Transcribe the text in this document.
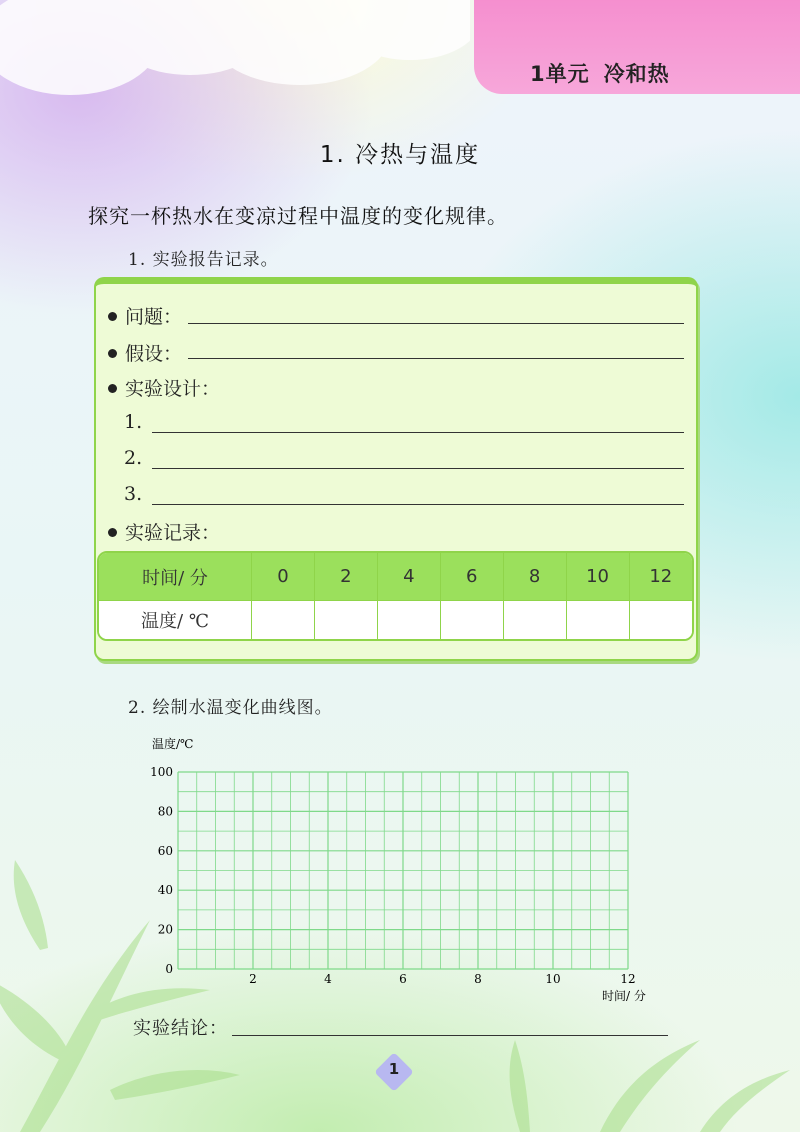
1单元 冷和热
1. 冷热与温度
探究一杯热水在变凉过程中温度的变化规律。
1. 实验报告记录。
问题：
假设：
实验设计：
1.
2.
3.
实验记录：
时间/ 分	0	2	4	6	8	10	12
温度/ ℃							
2. 绘制水温变化曲线图。
温度/℃
0
20
40
60
80
100
2	4	6	8	10	12
时间/ 分
实验结论：
1
